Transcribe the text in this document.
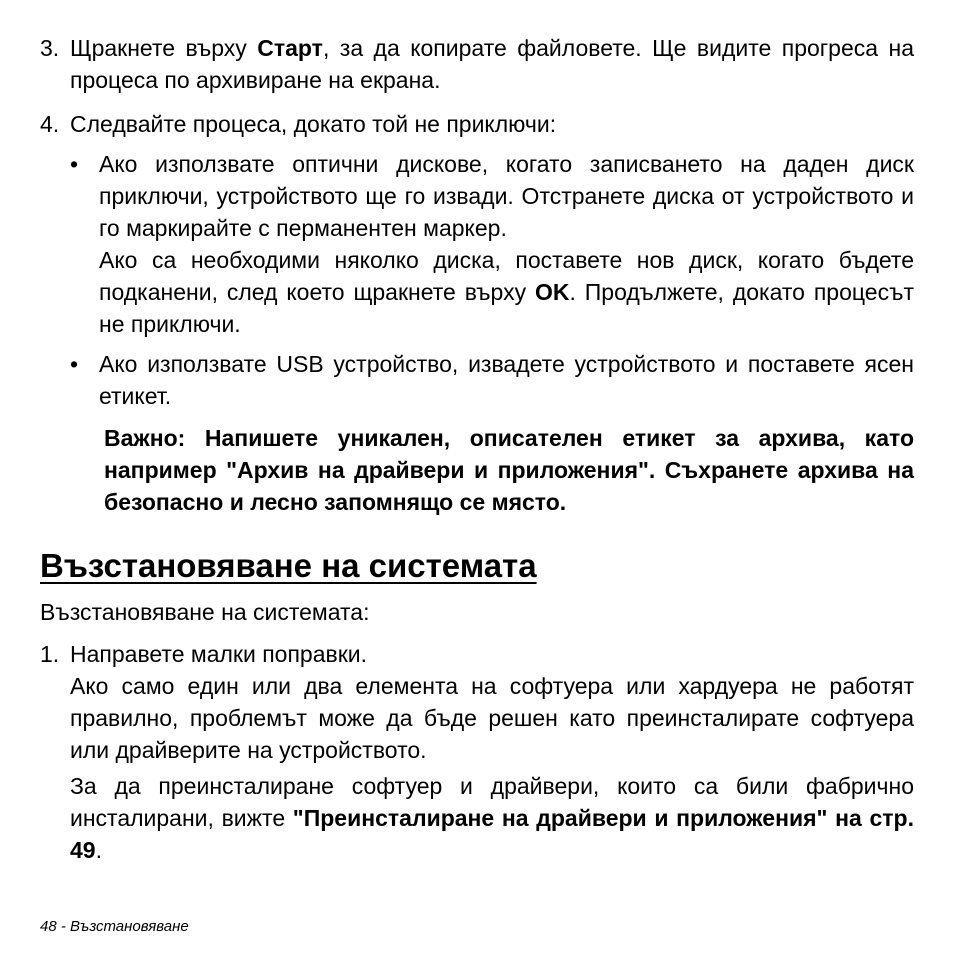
3. Щракнете върху Старт, за да копирате файловете. Ще видите прогреса на процеса по архивиране на екрана.

4. Следвайте процеса, докато той не приключи:

• Ако използвате оптични дискове, когато записването на даден диск приключи, устройството ще го извади. Отстранете диска от устройството и го маркирайте с перманентен маркер.

Ако са необходими няколко диска, поставете нов диск, когато бъдете подканени, след което щракнете върху OK. Продължете, докато процесът не приключи.

• Ако използвате USB устройство, извадете устройството и поставете ясен етикет.

Важно: Напишете уникален, описателен етикет за архива, като например "Архив на драйвери и приложения". Съхранете архива на безопасно и лесно запомнящо се място.
Възстановяване на системата
Възстановяване на системата:
1. Направете малки поправки.

Ако само един или два елемента на софтуера или хардуера не работят правилно, проблемът може да бъде решен като преинсталирате софтуера или драйверите на устройството.

За да преинсталиране софтуер и драйвери, които са били фабрично инсталирани, вижте "Преинсталиране на драйвери и приложения" на стр. 49.

48 - Възстановяване
